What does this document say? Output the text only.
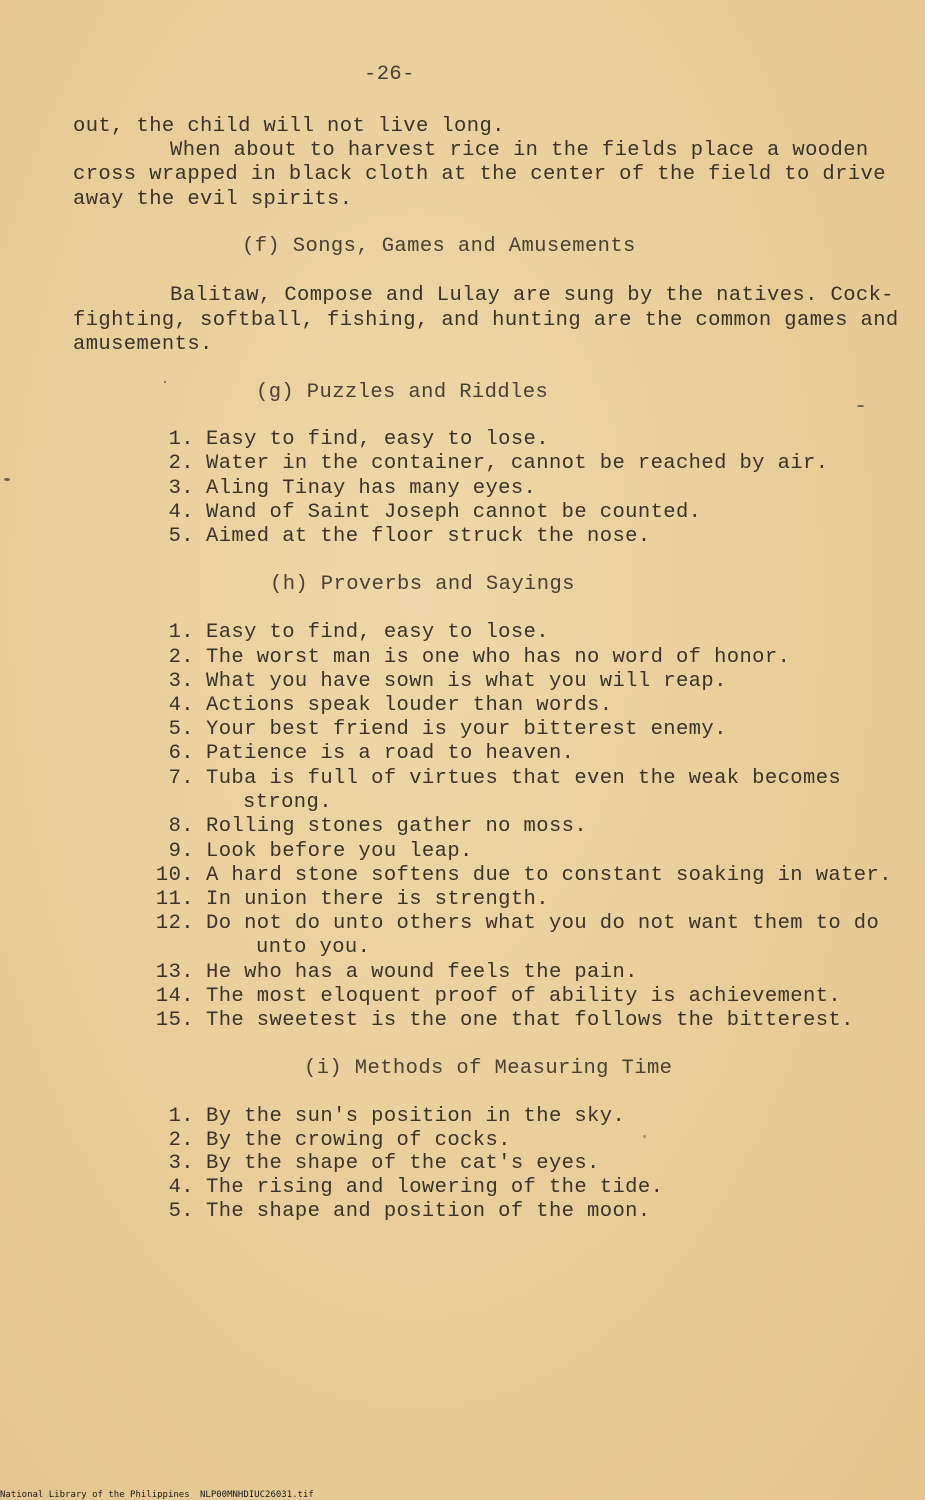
-26-
out, the child will not live long.
When about to harvest rice in the fields place a wooden
cross wrapped in black cloth at the center of the field to drive
away the evil spirits.
(f) Songs, Games and Amusements
Balitaw, Compose and Lulay are sung by the natives. Cock-
fighting, softball, fishing, and hunting are the common games and
amusements.
(g) Puzzles and Riddles
1. Easy to find, easy to lose.
2. Water in the container, cannot be reached by air.
3. Aling Tinay has many eyes.
4. Wand of Saint Joseph cannot be counted.
5. Aimed at the floor struck the nose.
(h) Proverbs and Sayings
1. Easy to find, easy to lose.
2. The worst man is one who has no word of honor.
3. What you have sown is what you will reap.
4. Actions speak louder than words.
5. Your best friend is your bitterest enemy.
6. Patience is a road to heaven.
7. Tuba is full of virtues that even the weak becomes
strong.
8. Rolling stones gather no moss.
9. Look before you leap.
10. A hard stone softens due to constant soaking in water.
11. In union there is strength.
12. Do not do unto others what you do not want them to do
unto you.
13. He who has a wound feels the pain.
14. The most eloquent proof of ability is achievement.
15. The sweetest is the one that follows the bitterest.
(i) Methods of Measuring Time
1. By the sun's position in the sky.
2. By the crowing of cocks.
3. By the shape of the cat's eyes.
4. The rising and lowering of the tide.
5. The shape and position of the moon.
National Library of the Philippines NLP00MNHDIUC26031.tif
